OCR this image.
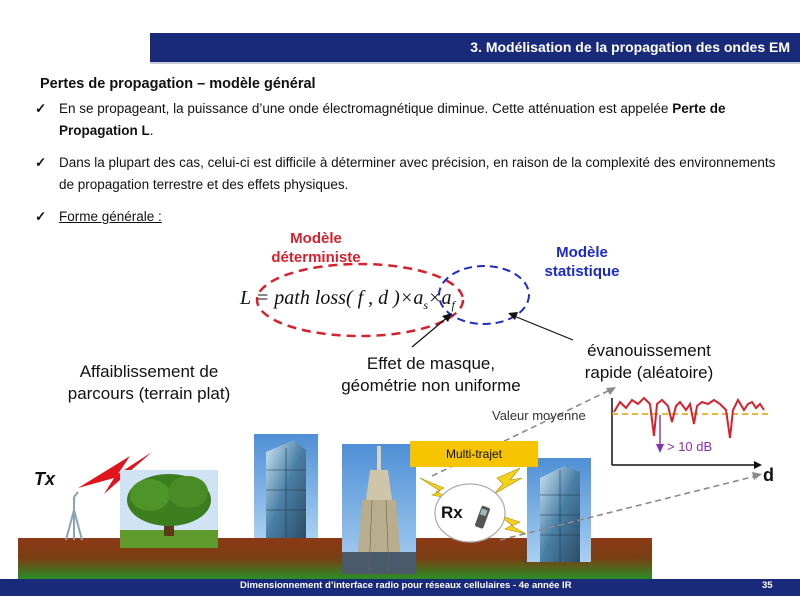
3. Modélisation de la propagation des ondes EM
Pertes de propagation – modèle général
✓ En se propageant, la puissance d’une onde électromagnétique diminue. Cette atténuation est appelée Perte de Propagation L.
✓ Dans la plupart des cas, celui-ci est difficile à déterminer avec précision, en raison de la complexité des environnements de propagation terrestre et des effets physiques.
✓ Forme générale :
Modèle
déterministe	Modèle
statistique
L = path loss( f , d )$\times a_s\times a_f$
Affaiblissement de
parcours (terrain plat)
Effet de masque,
géométrie non uniforme
évanouissement
rapide (aléatoire)
Valeur moyenne
> 10 dB
d
Tx
Rx
Multi-trajet
Dimensionnement d’interface radio pour réseaux cellulaires - 4e année IR	35
